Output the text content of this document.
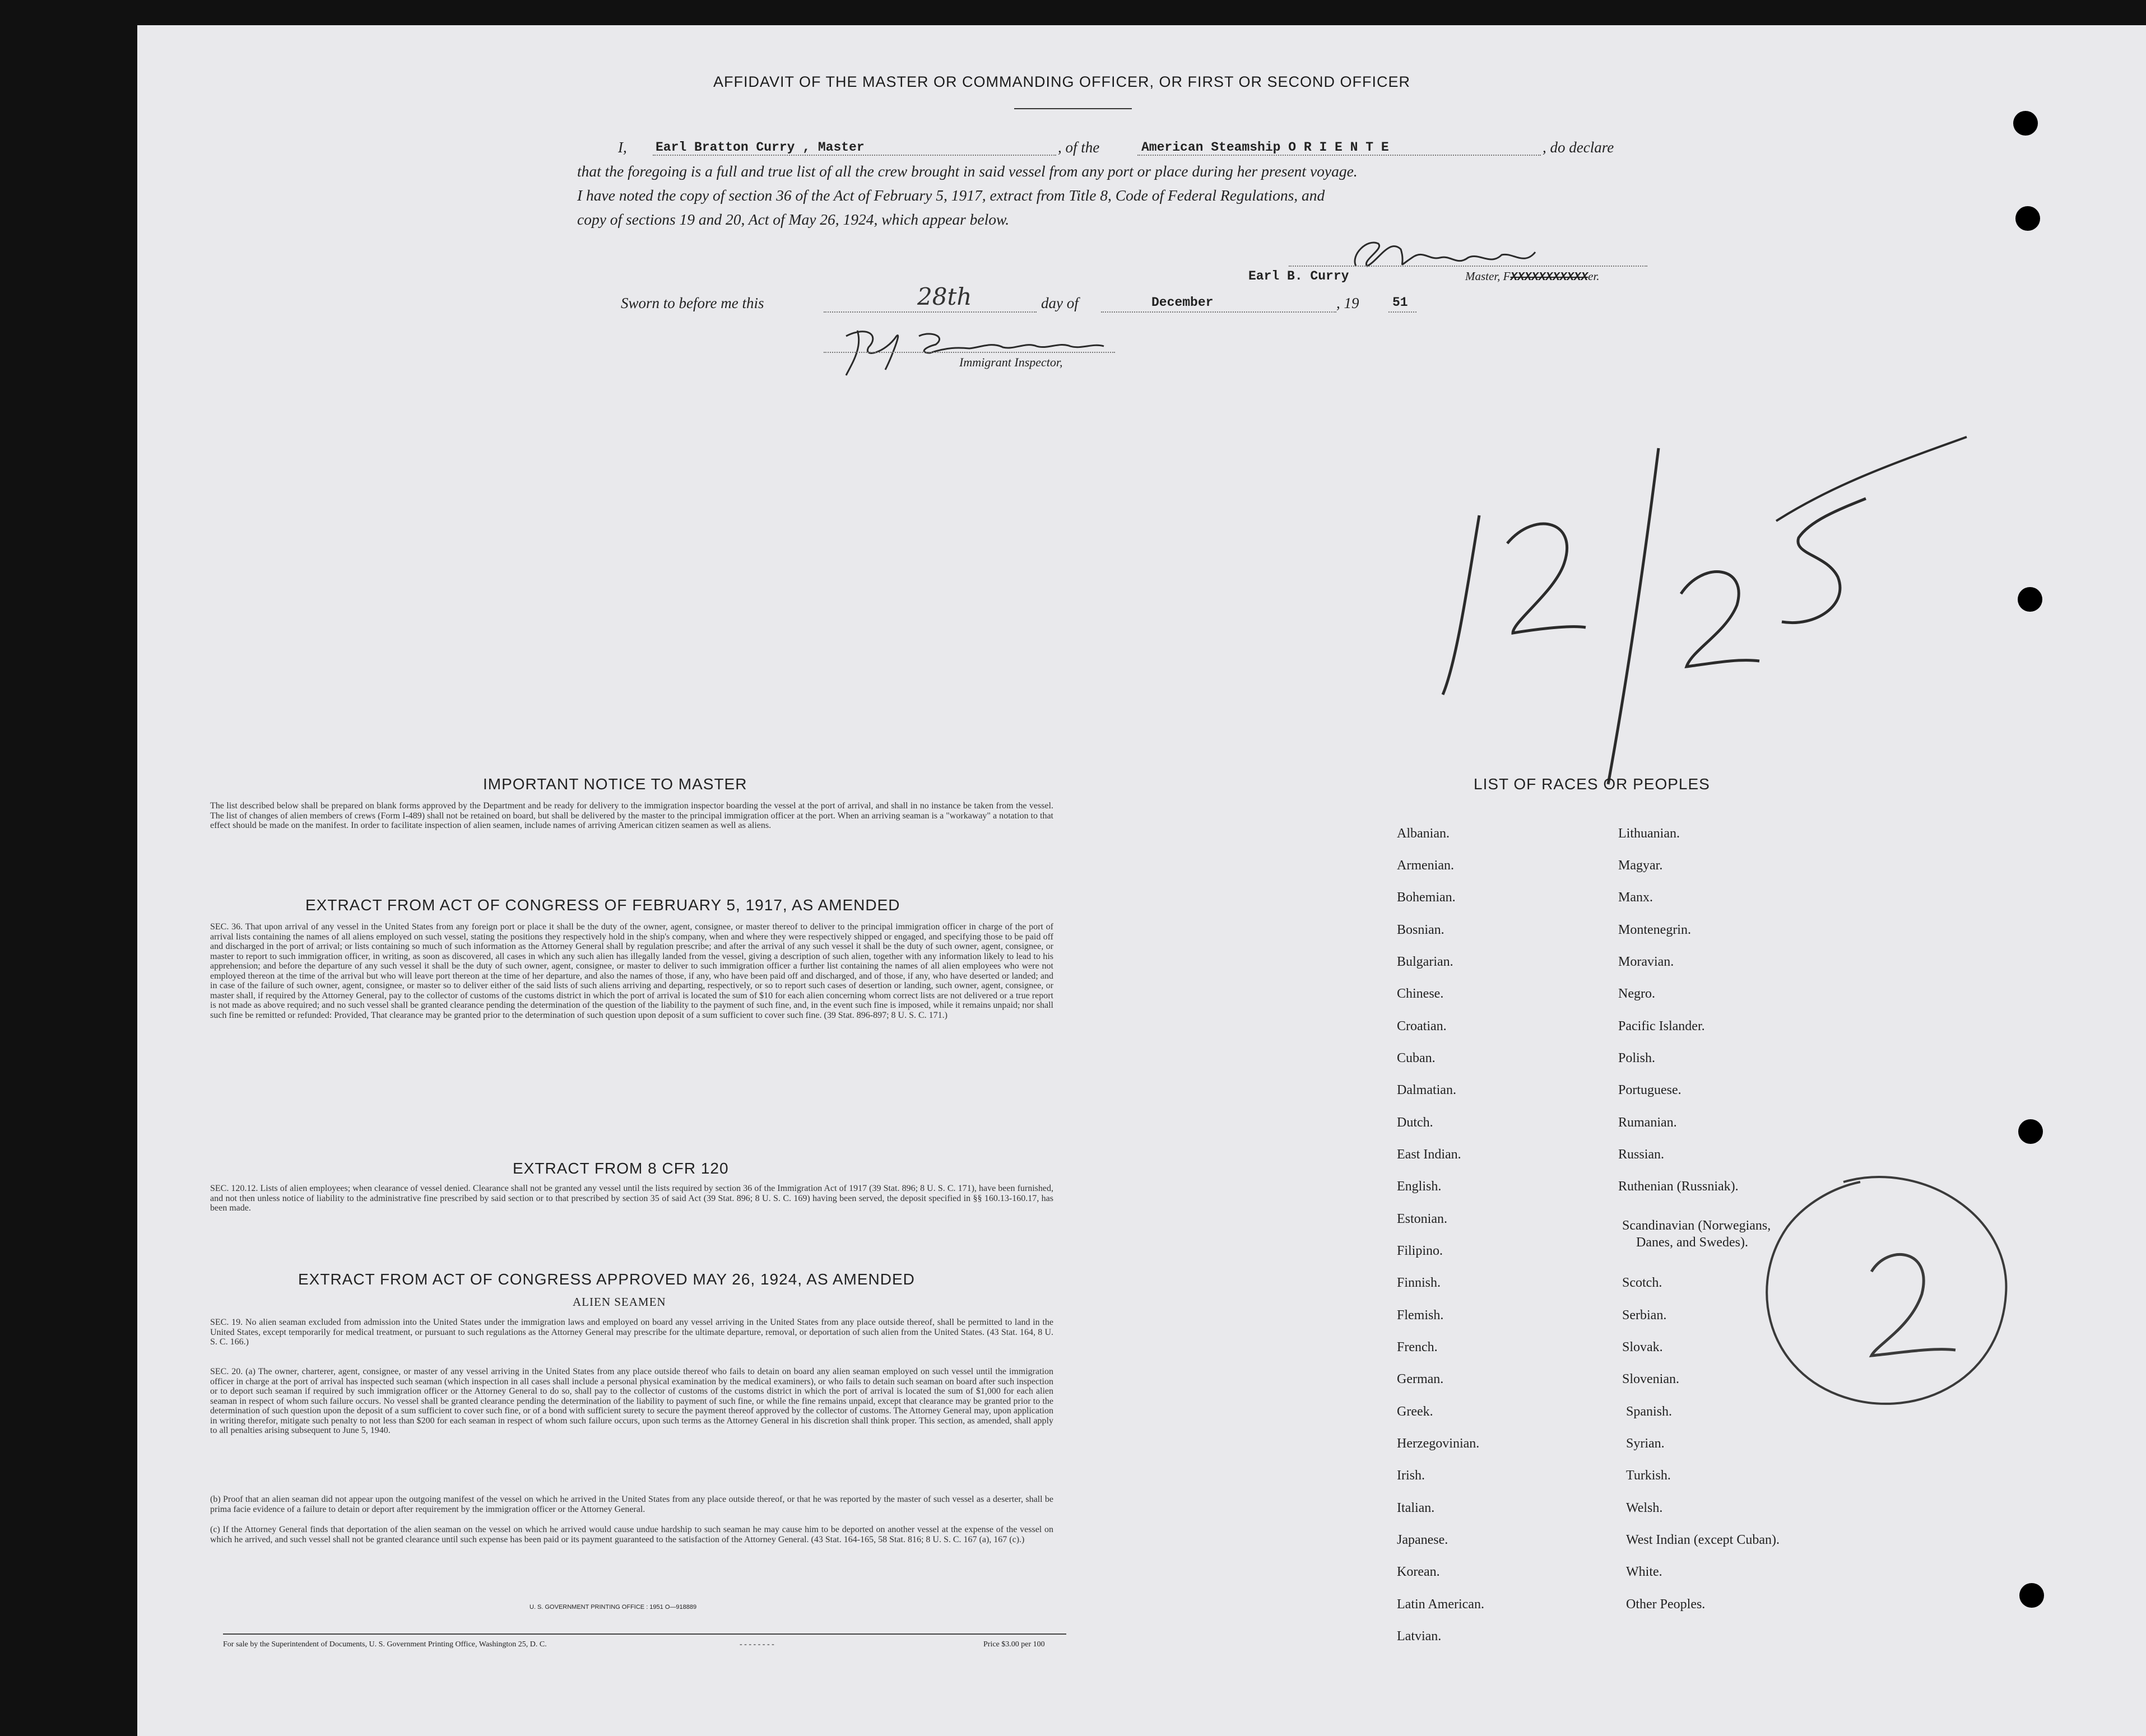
AFFIDAVIT OF THE MASTER OR COMMANDING OFFICER, OR FIRST OR SECOND OFFICER
I, Earl Bratton Curry , Master	, of the	American Steamship O R I E N T E	, do declare
that the foregoing is a full and true list of all the crew brought in said vessel from any port or place during her present voyage.
I have noted the copy of section 36 of the Act of February 5, 1917, extract from Title 8, Code of Federal Regulations, and
copy of sections 19 and 20, Act of May 26, 1924, which appear below.
Earl B. Curry	Master, FXXXXXXXXXXXer.
Sworn to before me this	28th	day of	December	, 19	51
Immigrant Inspector,
IMPORTANT NOTICE TO MASTER
The list described below shall be prepared on blank forms approved by the Department and be ready for delivery to the immigration inspector boarding the vessel at the port of arrival, and shall in no instance be taken from the vessel. The list of changes of alien members of crews (Form I-489) shall not be retained on board, but shall be delivered by the master to the principal immigration officer at the port. When an arriving seaman is a "workaway" a notation to that effect should be made on the manifest. In order to facilitate inspection of alien seamen, include names of arriving American citizen seamen as well as aliens.
EXTRACT FROM ACT OF CONGRESS OF FEBRUARY 5, 1917, AS AMENDED
SEC. 36. That upon arrival of any vessel in the United States from any foreign port or place it shall be the duty of the owner, agent, consignee, or master thereof to deliver to the principal immigration officer in charge of the port of arrival lists containing the names of all aliens employed on such vessel, stating the positions they respectively hold in the ship's company, when and where they were respectively shipped or engaged, and specifying those to be paid off and discharged in the port of arrival; or lists containing so much of such information as the Attorney General shall by regulation prescribe; and after the arrival of any such vessel it shall be the duty of such owner, agent, consignee, or master to report to such immigration officer, in writing, as soon as discovered, all cases in which any such alien has illegally landed from the vessel, giving a description of such alien, together with any information likely to lead to his apprehension; and before the departure of any such vessel it shall be the duty of such owner, agent, consignee, or master to deliver to such immigration officer a further list containing the names of all alien employees who were not employed thereon at the time of the arrival but who will leave port thereon at the time of her departure, and also the names of those, if any, who have been paid off and discharged, and of those, if any, who have deserted or landed; and in case of the failure of such owner, agent, consignee, or master so to deliver either of the said lists of such aliens arriving and departing, respectively, or so to report such cases of desertion or landing, such owner, agent, consignee, or master shall, if required by the Attorney General, pay to the collector of customs of the customs district in which the port of arrival is located the sum of $10 for each alien concerning whom correct lists are not delivered or a true report is not made as above required; and no such vessel shall be granted clearance pending the determination of the question of the liability to the payment of such fine, and, in the event such fine is imposed, while it remains unpaid; nor shall such fine be remitted or refunded: Provided, That clearance may be granted prior to the determination of such question upon deposit of a sum sufficient to cover such fine. (39 Stat. 896-897; 8 U. S. C. 171.)
EXTRACT FROM 8 CFR 120
SEC. 120.12. Lists of alien employees; when clearance of vessel denied. Clearance shall not be granted any vessel until the lists required by section 36 of the Immigration Act of 1917 (39 Stat. 896; 8 U. S. C. 171), have been furnished, and not then unless notice of liability to the administrative fine prescribed by said section or to that prescribed by section 35 of said Act (39 Stat. 896; 8 U. S. C. 169) having been served, the deposit specified in §§ 160.13-160.17, has been made.
EXTRACT FROM ACT OF CONGRESS APPROVED MAY 26, 1924, AS AMENDED
ALIEN SEAMEN
SEC. 19. No alien seaman excluded from admission into the United States under the immigration laws and employed on board any vessel arriving in the United States from any place outside thereof, shall be permitted to land in the United States, except temporarily for medical treatment, or pursuant to such regulations as the Attorney General may prescribe for the ultimate departure, removal, or deportation of such alien from the United States. (43 Stat. 164, 8 U. S. C. 166.)
SEC. 20. (a) The owner, charterer, agent, consignee, or master of any vessel arriving in the United States from any place outside thereof who fails to detain on board any alien seaman employed on such vessel until the immigration officer in charge at the port of arrival has inspected such seaman (which inspection in all cases shall include a personal physical examination by the medical examiners), or who fails to detain such seaman on board after such inspection or to deport such seaman if required by such immigration officer or the Attorney General to do so, shall pay to the collector of customs of the customs district in which the port of arrival is located the sum of $1,000 for each alien seaman in respect of whom such failure occurs. No vessel shall be granted clearance pending the determination of the liability to payment of such fine, or while the fine remains unpaid, except that clearance may be granted prior to the determination of such question upon the deposit of a sum sufficient to cover such fine, or of a bond with sufficient surety to secure the payment thereof approved by the collector of customs. The Attorney General may, upon application in writing therefor, mitigate such penalty to not less than $200 for each seaman in respect of whom such failure occurs, upon such terms as the Attorney General in his discretion shall think proper. This section, as amended, shall apply to all penalties arising subsequent to June 5, 1940.
(b) Proof that an alien seaman did not appear upon the outgoing manifest of the vessel on which he arrived in the United States from any place outside thereof, or that he was reported by the master of such vessel as a deserter, shall be prima facie evidence of a failure to detain or deport after requirement by the immigration officer or the Attorney General.
(c) If the Attorney General finds that deportation of the alien seaman on the vessel on which he arrived would cause undue hardship to such seaman he may cause him to be deported on another vessel at the expense of the vessel on which he arrived, and such vessel shall not be granted clearance until such expense has been paid or its payment guaranteed to the satisfaction of the Attorney General. (43 Stat. 164-165, 58 Stat. 816; 8 U. S. C. 167 (a), 167 (c).)
U. S. GOVERNMENT PRINTING OFFICE : 1951 O—918889
For sale by the Superintendent of Documents, U. S. Government Printing Office, Washington 25, D. C.	- - - - - - - -	Price $3.00 per 100
LIST OF RACES OR PEOPLES
Albanian.
Armenian.
Bohemian.
Bosnian.
Bulgarian.
Chinese.
Croatian.
Cuban.
Dalmatian.
Dutch.
East Indian.
English.
Estonian.
Filipino.
Finnish.
Flemish.
French.
German.
Greek.
Herzegovinian.
Irish.
Italian.
Japanese.
Korean.
Latin American.
Latvian.
Lithuanian.
Magyar.
Manx.
Montenegrin.
Moravian.
Negro.
Pacific Islander.
Polish.
Portuguese.
Rumanian.
Russian.
Ruthenian (Russniak).
Scandinavian (Norwegians,
Danes, and Swedes).
Scotch.
Serbian.
Slovak.
Slovenian.
Spanish.
Syrian.
Turkish.
Welsh.
West Indian (except Cuban).
White.
Other Peoples.
